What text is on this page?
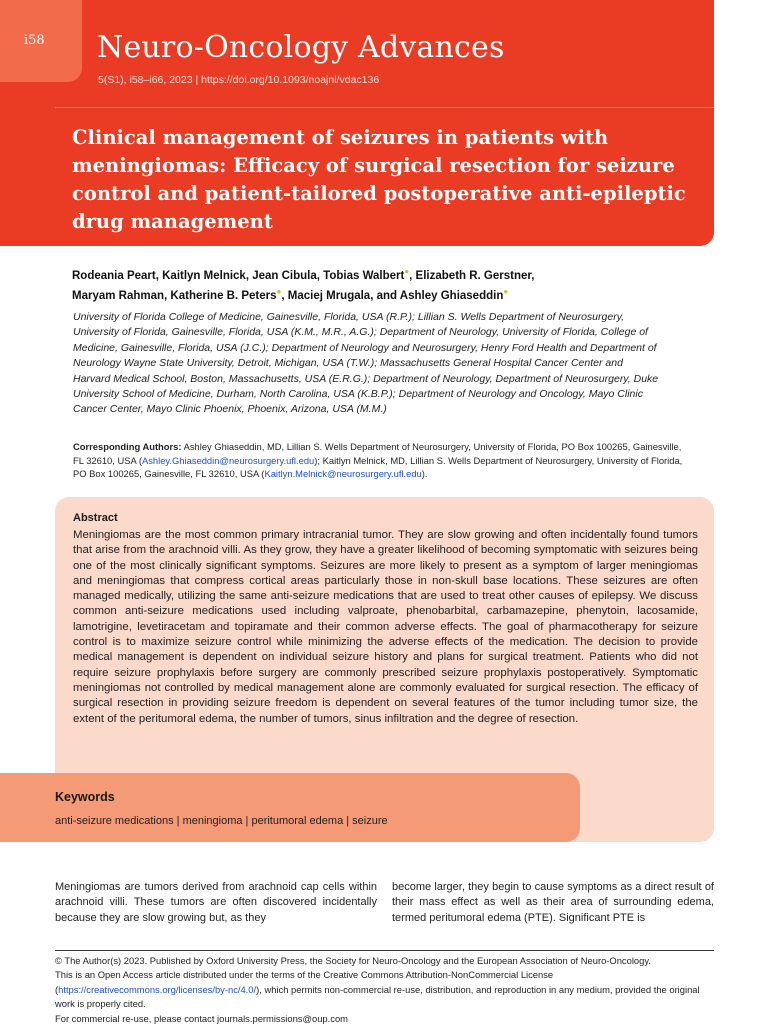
i58 Neuro-Oncology Advances
5(S1), i58–i66, 2023 | https://doi.org/10.1093/noajnl/vdac136
Clinical management of seizures in patients with meningiomas: Efficacy of surgical resection for seizure control and patient-tailored postoperative anti-epileptic drug management
Rodeania Peart, Kaitlyn Melnick, Jean Cibula, Tobias Walbert●, Elizabeth R. Gerstner,
Maryam Rahman, Katherine B. Peters●, Maciej Mrugala, and Ashley Ghiaseddin●
University of Florida College of Medicine, Gainesville, Florida, USA (R.P.); Lillian S. Wells Department of Neurosurgery, University of Florida, Gainesville, Florida, USA (K.M., M.R., A.G.); Department of Neurology, University of Florida, College of Medicine, Gainesville, Florida, USA (J.C.); Department of Neurology and Neurosurgery, Henry Ford Health and Department of Neurology Wayne State University, Detroit, Michigan, USA (T.W.); Massachusetts General Hospital Cancer Center and Harvard Medical School, Boston, Massachusetts, USA (E.R.G.); Department of Neurology, Department of Neurosurgery, Duke University School of Medicine, Durham, North Carolina, USA (K.B.P.); Department of Neurology and Oncology, Mayo Clinic Cancer Center, Mayo Clinic Phoenix, Phoenix, Arizona, USA (M.M.)
Corresponding Authors: Ashley Ghiaseddin, MD, Lillian S. Wells Department of Neurosurgery, University of Florida, PO Box 100265, Gainesville, FL 32610, USA (Ashley.Ghiaseddin@neurosurgery.ufl.edu); Kaitlyn Melnick, MD, Lillian S. Wells Department of Neurosurgery, University of Florida, PO Box 100265, Gainesville, FL 32610, USA (Kaitlyn.Melnick@neurosurgery.ufl.edu).
Abstract
Meningiomas are the most common primary intracranial tumor. They are slow growing and often incidentally found tumors that arise from the arachnoid villi. As they grow, they have a greater likelihood of becoming symptomatic with seizures being one of the most clinically significant symptoms. Seizures are more likely to present as a symptom of larger meningiomas and meningiomas that compress cortical areas particularly those in non-skull base locations. These seizures are often managed medically, utilizing the same anti-seizure medications that are used to treat other causes of epilepsy. We discuss common anti-seizure medications used including valproate, phenobarbital, carbamazepine, phenytoin, lacosamide, lamotrigine, levetiracetam and topiramate and their common adverse effects. The goal of pharmacotherapy for seizure control is to maximize seizure control while minimizing the adverse effects of the medication. The decision to provide medical management is dependent on individual seizure history and plans for surgical treatment. Patients who did not require seizure prophylaxis before surgery are commonly prescribed seizure prophylaxis postoperatively. Symptomatic meningiomas not controlled by medical management alone are commonly evaluated for surgical resection. The efficacy of surgical resection in providing seizure freedom is dependent on several features of the tumor including tumor size, the extent of the peritumoral edema, the number of tumors, sinus infiltration and the degree of resection.
Keywords
anti-seizure medications | meningioma | peritumoral edema | seizure
Meningiomas are tumors derived from arachnoid cap cells within arachnoid villi. These tumors are often discovered incidentally because they are slow growing but, as they
become larger, they begin to cause symptoms as a direct result of their mass effect as well as their area of surrounding edema, termed peritumoral edema (PTE). Significant PTE is
© The Author(s) 2023. Published by Oxford University Press, the Society for Neuro-Oncology and the European Association of Neuro-Oncology.
This is an Open Access article distributed under the terms of the Creative Commons Attribution-NonCommercial License (https://creativecommons.org/licenses/by-nc/4.0/), which permits non-commercial re-use, distribution, and reproduction in any medium, provided the original work is properly cited.
For commercial re-use, please contact journals.permissions@oup.com
